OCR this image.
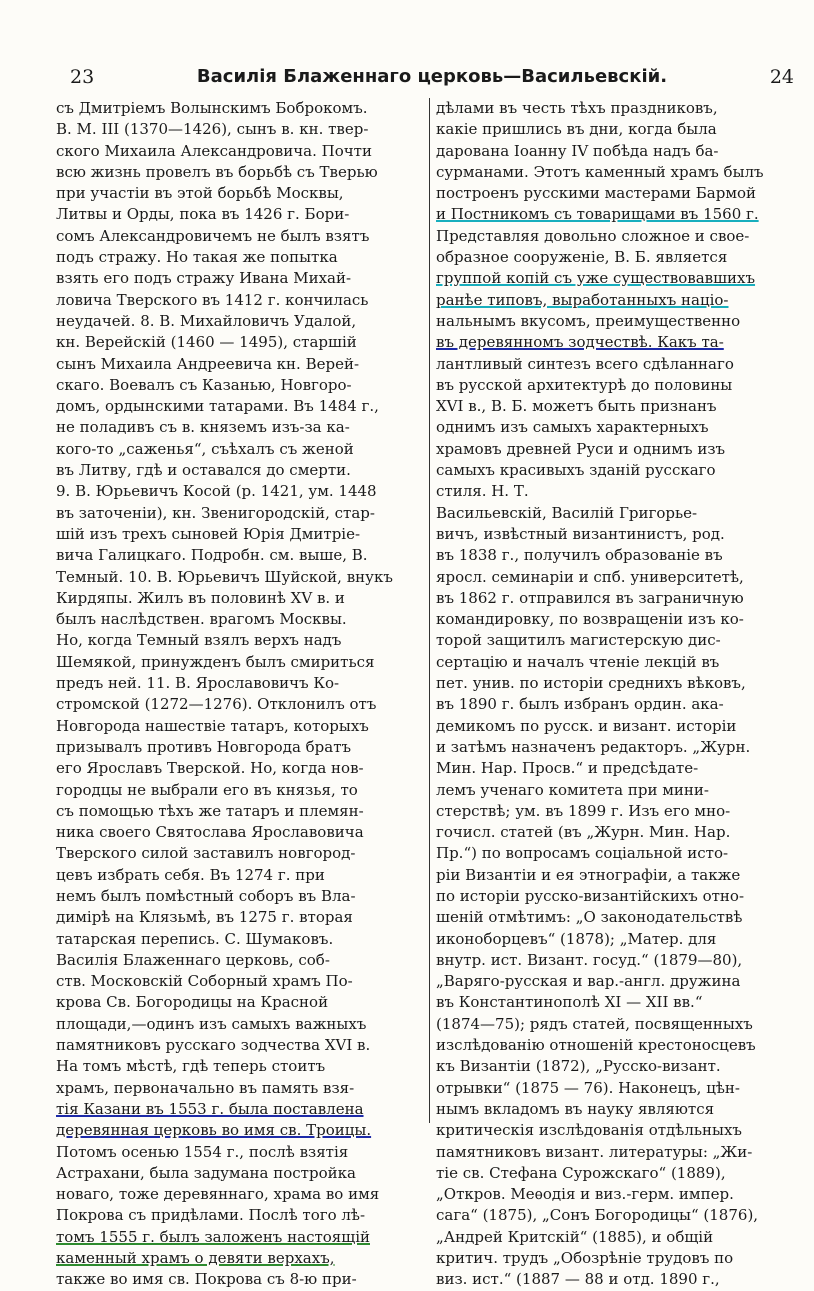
23	Василія Блаженнаго церковь—Васильевскій.	24
съ Дмитріемъ Волынскимъ Боброкомъ.
В. М. III (1370—1426), сынъ в. кн. твер-
ского Михаила Александровича. Почти
всю жизнь провелъ въ борьбѣ съ Тверью
при участіи въ этой борьбѣ Москвы,
Литвы и Орды, пока въ 1426 г. Бори-
сомъ Александровичемъ не былъ взятъ
подъ стражу. Но такая же попытка
взять его подъ стражу Ивана Михай-
ловича Тверского въ 1412 г. кончилась
неудачей. 8. В. Михайловичъ Удалой,
кн. Верейскій (1460 — 1495), старшій
сынъ Михаила Андреевича кн. Верей-
скаго. Воевалъ съ Казанью, Новгоро-
домъ, ордынскими татарами. Въ 1484 г.,
не поладивъ съ в. княземъ изъ-за ка-
кого-то „саженья“, съѣхалъ съ женой
въ Литву, гдѣ и оставался до смерти.
9. В. Юрьевичъ Косой (р. 1421, ум. 1448
въ заточеніи), кн. Звенигородскій, стар-
шій изъ трехъ сыновей Юрія Дмитріе-
вича Галицкаго. Подробн. см. выше, В.
Темный. 10. В. Юрьевичъ Шуйской, внукъ
Кирдяпы. Жилъ въ половинѣ XV в. и
былъ наслѣдствен. врагомъ Москвы.
Но, когда Темный взялъ верхъ надъ
Шемякой, принужденъ былъ смириться
предъ ней. 11. В. Ярославовичъ Ко-
стромской (1272—1276). Отклонилъ отъ
Новгорода нашествіе татаръ, которыхъ
призывалъ противъ Новгорода братъ
его Ярославъ Тверской. Но, когда нов-
городцы не выбрали его въ князья, то
съ помощью тѣхъ же татаръ и племян-
ника своего Святослава Ярославовича
Тверского силой заставилъ новгород-
цевъ избрать себя. Въ 1274 г. при
немъ былъ помѣстный соборъ въ Вла-
димірѣ на Клязьмѣ, въ 1275 г. вторая
татарская перепись. С. Шумаковъ.
Василія Блаженнаго церковь, соб-
ств. Московскій Соборный храмъ По-
крова Св. Богородицы на Красной
площади,—одинъ изъ самыхъ важныхъ
памятниковъ русскаго зодчества XVI в.
На томъ мѣстѣ, гдѣ теперь стоитъ
храмъ, первоначально въ память взя-
тія Казани въ 1553 г. была поставлена
деревянная церковь во имя св. Троицы.
Потомъ осенью 1554 г., послѣ взятія
Астрахани, была задумана постройка
новаго, тоже деревяннаго, храма во имя
Покрова съ придѣлами. Послѣ того лѣ-
томъ 1555 г. былъ заложенъ настоящій
каменный храмъ о девяти верхахъ,
также во имя св. Покрова съ 8-ю при-
дѣлами въ честь тѣхъ праздниковъ,
какіе пришлись въ дни, когда была
дарована Іоанну IV побѣда надъ ба-
сурманами. Этотъ каменный храмъ былъ
построенъ русскими мастерами Бармой
и Постникомъ съ товарищами въ 1560 г.
Представляя довольно сложное и свое-
образное сооруженіе, В. Б. является
группой копій съ уже существовавшихъ
ранѣе типовъ, выработанныхъ націо-
нальнымъ вкусомъ, преимущественно
въ деревянномъ зодчествѣ. Какъ та-
лантливый синтезъ всего сдѣланнаго
въ русской архитектурѣ до половины
XVI в., В. Б. можетъ быть признанъ
однимъ изъ самыхъ характерныхъ
храмовъ древней Руси и однимъ изъ
самыхъ красивыхъ зданій русскаго
стиля. Н. Т.
Васильевскій, Василій Григорье-
вичъ, извѣстный византинистъ, род.
въ 1838 г., получилъ образованіе въ
яросл. семинаріи и спб. университетѣ,
въ 1862 г. отправился въ заграничную
командировку, по возвращеніи изъ ко-
торой защитилъ магистерскую дис-
сертацію и началъ чтеніе лекцій въ
пет. унив. по исторіи среднихъ вѣковъ,
въ 1890 г. былъ избранъ ордин. ака-
демикомъ по русск. и визант. исторіи
и затѣмъ назначенъ редакторъ. „Журн.
Мин. Нар. Просв.“ и предсѣдате-
лемъ ученаго комитета при мини-
стерствѣ; ум. въ 1899 г. Изъ его мно-
гочисл. статей (въ „Журн. Мин. Нар.
Пр.“) по вопросамъ соціальной исто-
ріи Византіи и ея этнографіи, а также
по исторіи русско-византійскихъ отно-
шеній отмѣтимъ: „О законодательствѣ
иконоборцевъ“ (1878); „Матер. для
внутр. ист. Визант. госуд.“ (1879—80),
„Варяго-русская и вар.-англ. дружина
въ Константинополѣ XI — XII вв.“
(1874—75); рядъ статей, посвященныхъ
изслѣдованію отношеній крестоносцевъ
къ Византіи (1872), „Русско-визант.
отрывки“ (1875 — 76). Наконецъ, цѣн-
нымъ вкладомъ въ науку являются
критическія изслѣдованія отдѣльныхъ
памятниковъ визант. литературы: „Жи-
тіе св. Стефана Сурожскаго“ (1889),
„Откров. Меѳодія и виз.-герм. импер.
сага“ (1875), „Сонъ Богородицы“ (1876),
„Андрей Критскій“ (1885), и общій
критич. трудъ „Обозрѣніе трудовъ по
виз. ист.“ (1887 — 88 и отд. 1890 г.,
